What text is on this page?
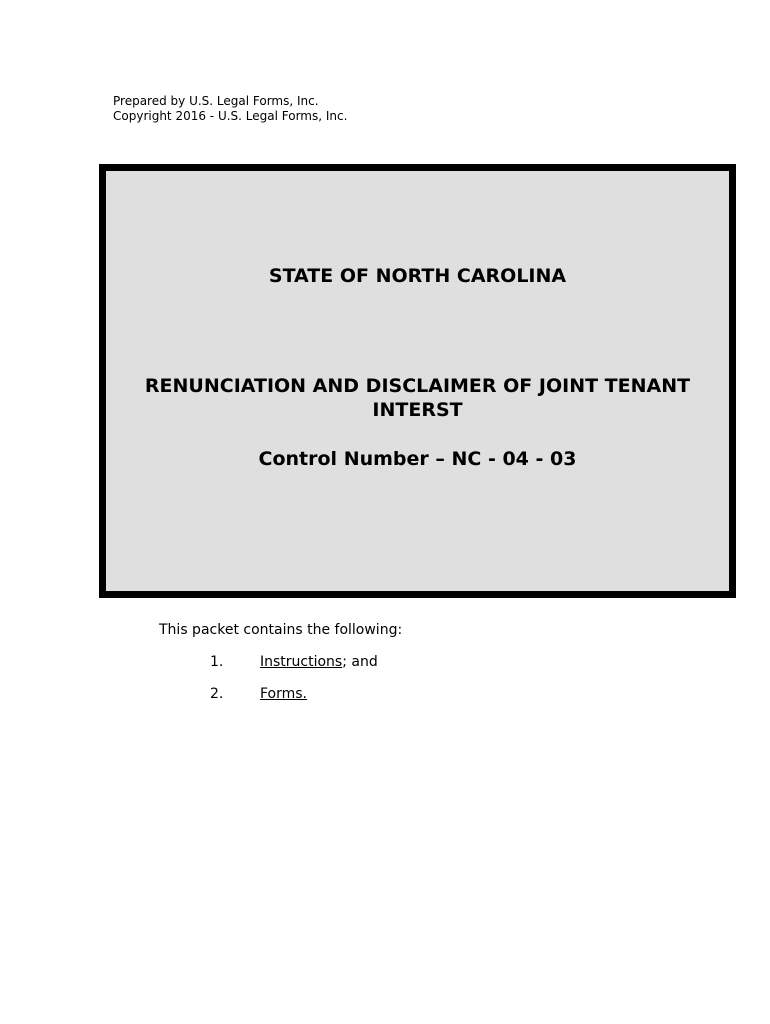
Prepared by U.S. Legal Forms, Inc.
Copyright 2016 - U.S. Legal Forms, Inc.
STATE OF NORTH CAROLINA
RENUNCIATION AND DISCLAIMER OF JOINT TENANT INTERST
Control Number – NC - 04 - 03
This packet contains the following:
1.	Instructions; and
2.	Forms.
